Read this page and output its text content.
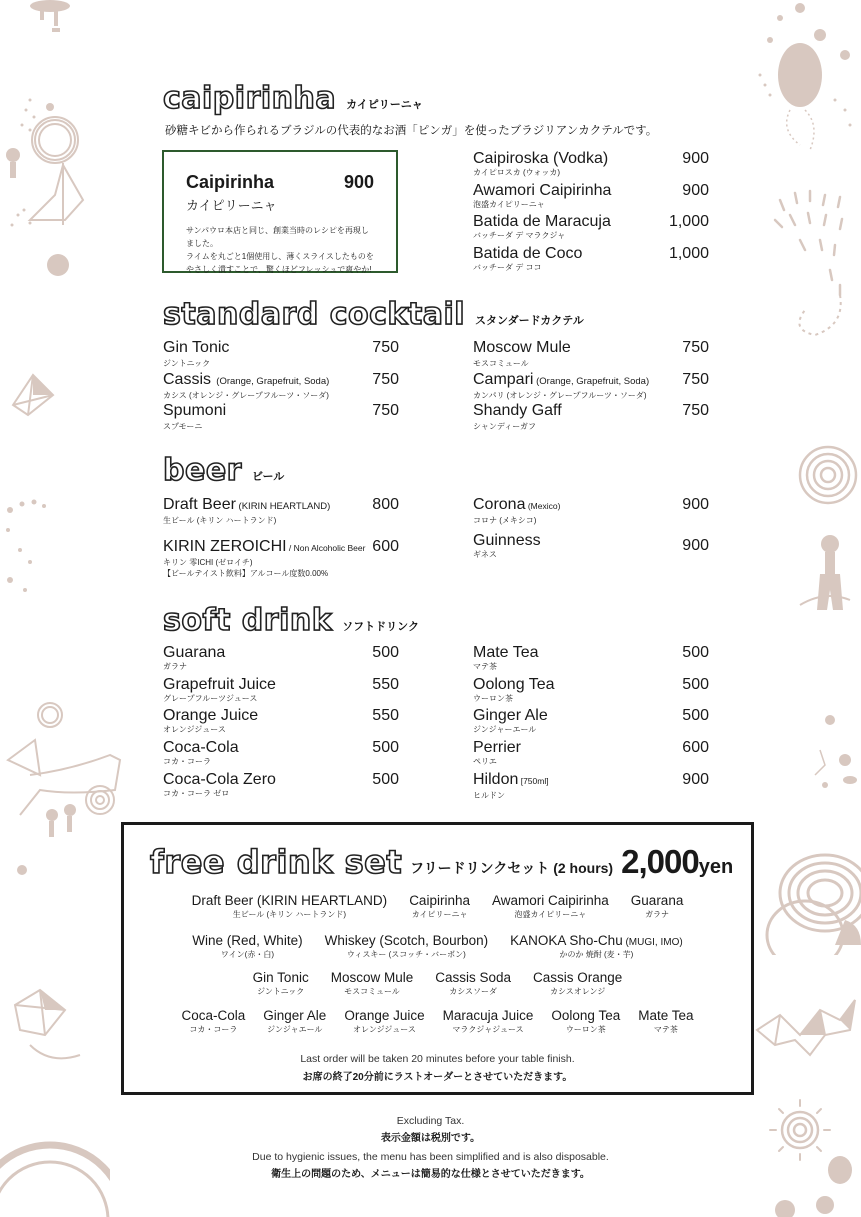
caipirinha カイピリーニャ
砂糖キビから作られるブラジルの代表的なお酒「ピンガ」を使ったブラジリアンカクテルです。
Caipirinha	900
カイピリーニャ
サンパウロ本店と同じ、創業当時のレシピを再現しました。
ライムを丸ごと1個使用し、薄くスライスしたものを
やさしく潰すことで、驚くほどフレッシュで爽やか!
Caipiroska (Vodka)
カイピロスカ (ウォッカ)
900
Awamori Caipirinha
泡盛カイピリーニャ
900
Batida de Maracuja
バッチーダ デ マラクジャ
1,000
Batida de Coco
バッチーダ デ ココ
1,000
standard cocktail スタンダードカクテル
Gin Tonic
ジントニック
750
Cassis  (Orange, Grapefruit, Soda)
カシス (オレンジ・グレープフルーツ・ソーダ)
750
Spumoni
スプモーニ
750
Moscow Mule
モスコミュール
750
Campari (Orange, Grapefruit, Soda)
カンパリ (オレンジ・グレープフルーツ・ソーダ)
750
Shandy Gaff
シャンディーガフ
750
beer ビール
Draft Beer (KIRIN HEARTLAND)
生ビール (キリン ハートランド)
800
KIRIN ZEROICHI / Non Alcoholic Beer
キリン 零ICHI (ゼロイチ)
【ビールテイスト飲料】アルコール度数0.00%
600
Corona (Mexico)
コロナ (メキシコ)
900
Guinness
ギネス	900
soft drink ソフトドリンク
Guarana
ガラナ
500
Grapefruit Juice
グレープフルーツジュース
550
Orange Juice
オレンジジュース
550
Coca-Cola
コカ・コーラ
500
Coca-Cola Zero
コカ・コーラ ゼロ
500
Mate Tea
マテ茶
500
Oolong Tea
ウーロン茶
500
Ginger Ale
ジンジャーエール
500
Perrier
ペリエ
600
Hildon [750ml]
ヒルドン
900
free drink set フリードリンクセット (2 hours) 2,000yen
Draft Beer (KIRIN HEARTLAND)
生ビール (キリン ハートランド)
Caipirinha
カイピリーニャ
Awamori Caipirinha
泡盛カイピリーニャ
Guarana
ガラナ
Wine (Red, White)
ワイン(赤・白)
Whiskey (Scotch, Bourbon)
ウィスキー (スコッチ・バーボン)
KANOKA Sho-Chu (MUGI, IMO)
かのか 焼酎 (麦・芋)
Gin Tonic
ジントニック
Moscow Mule
モスコミュール
Cassis Soda
カシスソーダ
Cassis Orange
カシスオレンジ
Coca-Cola
コカ・コーラ
Ginger Ale
ジンジャエール
Orange Juice
オレンジジュース
Maracuja Juice
マラクジャジュース
Oolong Tea
ウーロン茶
Mate Tea
マテ茶
Last order will be taken 20 minutes before your table finish.
お席の終了20分前にラストオーダーとさせていただきます。

Excluding Tax.

表示金額は税別です。

Due to hygienic issues, the menu has been simplified and is also disposable.

衛生上の問題のため、メニューは簡易的な仕様とさせていただきます。
